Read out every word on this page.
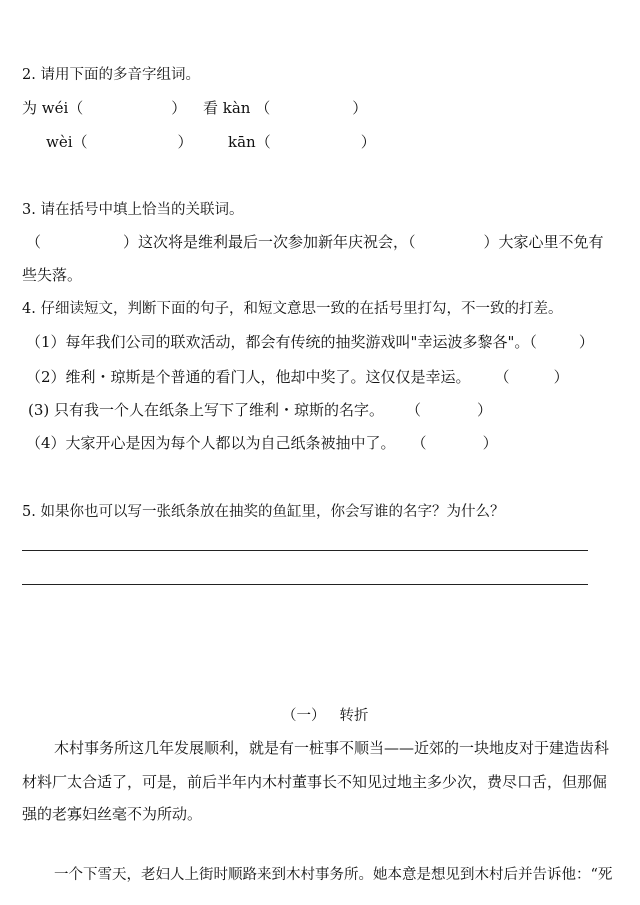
2. 请用下面的多音字组词。
为 wéi（	） 看 kàn （	）
wèi（	） kān（	）
3. 请在括号中填上恰当的关联词。
（	）这次将是维利最后一次参加新年庆祝会，（	）大家心里不免有
些失落。
4. 仔细读短文，判断下面的句子，和短文意思一致的在括号里打勾，不一致的打差。
（1）每年我们公司的联欢活动，都会有传统的抽奖游戏叫"幸运波多黎各"。（	）
（2）维利・琼斯是个普通的看门人，他却中奖了。这仅仅是幸运。 （	）
(3) 只有我一个人在纸条上写下了维利・琼斯的名字。 （	）
（4）大家开心是因为每个人都以为自己纸条被抽中了。 （	）
5. 如果你也可以写一张纸条放在抽奖的鱼缸里，你会写谁的名字？为什么？
（一） 转折
木村事务所这几年发展顺利，就是有一桩事不顺当——近郊的一块地皮对于建造齿科
材料厂太合适了，可是，前后半年内木村董事长不知见过地主多少次，费尽口舌，但那倔
强的老寡妇丝毫不为所动。
一个下雪天，老妇人上街时顺路来到木村事务所。她本意是想见到木村后并告诉他：“死
